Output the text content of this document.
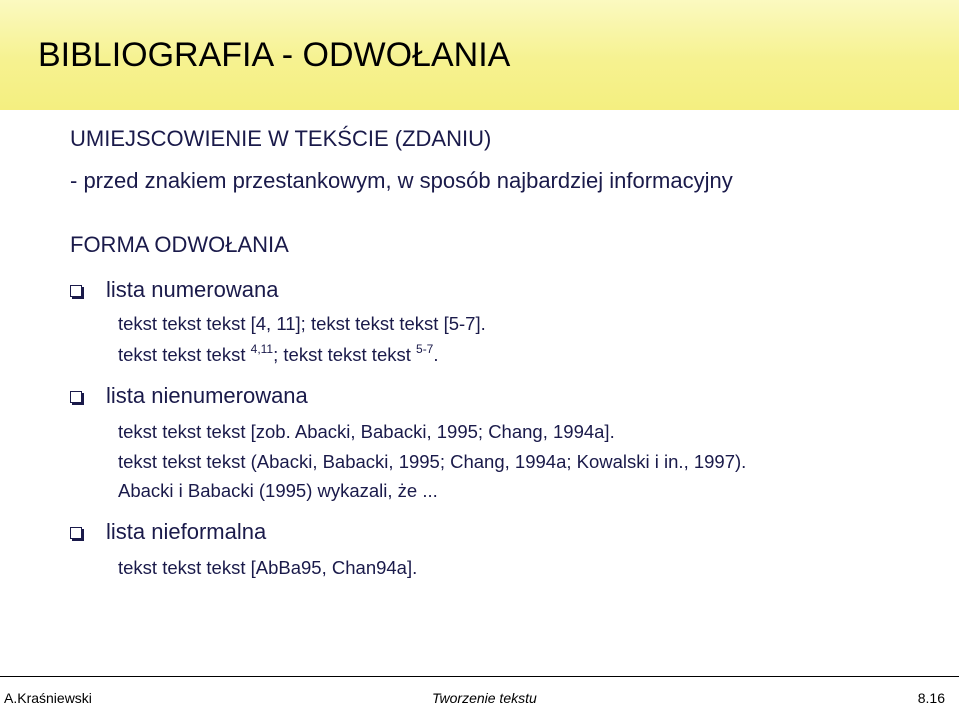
BIBLIOGRAFIA - ODWOŁANIA
UMIEJSCOWIENIE W TEKŚCIE (ZDANIU)
- przed znakiem przestankowym, w sposób najbardziej informacyjny
FORMA ODWOŁANIA
lista numerowana
tekst tekst tekst [4, 11]; tekst tekst tekst [5-7].
tekst tekst tekst $^{4,11}$; tekst tekst tekst $^{5-7}$.
lista nienumerowana
tekst tekst tekst [zob. Abacki, Babacki, 1995; Chang, 1994a].
tekst tekst tekst (Abacki, Babacki, 1995; Chang, 1994a; Kowalski i in., 1997).
Abacki i Babacki (1995) wykazali, że ...
lista nieformalna
tekst tekst tekst [AbBa95, Chan94a].
A.Kraśniewski	Tworzenie tekstu	8.16
